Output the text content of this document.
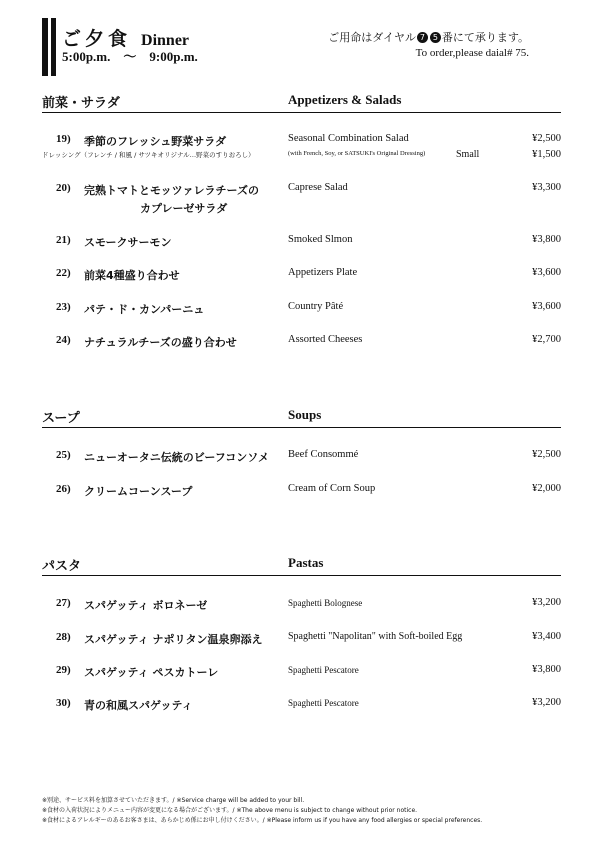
ご夕食 Dinner
5:00p.m.　～　9:00p.m.
ご用命はダイヤル 7 5 番にて承ります。
To order,please daial# 75.
前菜・サラダ	Appetizers & Salads
19) 季節のフレッシュ野菜サラダ	Seasonal Combination Salad	¥2,500
ドレッシング（フレンチ / 和風 / サツキオリジナル…野菜のすりおろし）	(with French, Soy, or SATSUKI's Original Dressing)	Small	¥1,500
20) 完熟トマトとモッツァレラチーズの
カプレーゼサラダ
Caprese Salad	¥3,300
21) スモークサーモン	Smoked Slmon	¥3,800
22) 前菜4種盛り合わせ	Appetizers Plate	¥3,600
23) パテ・ド・カンパーニュ	Country Pâté	¥3,600
24) ナチュラルチーズの盛り合わせ	Assorted Cheeses	¥2,700
スープ	Soups
25) ニューオータニ伝統のビーフコンソメ Beef Consommé	¥2,500
26) クリームコーンスープ	Cream of Corn Soup	¥2,000
パスタ	Pastas
27) スパゲッティ ボロネーゼ	Spaghetti Bolognese	¥3,200
28) スパゲッティ ナポリタン温泉卵添え	Spaghetti "Napolitan" with Soft-boiled Egg	¥3,400
29) スパゲッティ ペスカトーレ	Spaghetti Pescatore	¥3,800
30) 青の和風スパゲッティ	Spaghetti Pescatore	¥3,200
※別途、サービス料を加算させていただきます。/ ※Service charge will be added to your bill.
※食材の入荷状況によりメニュー内容が変更になる場合がございます。/ ※The above menu is subject to change without prior notice.
※食材によるアレルギーのあるお客さまは、あらかじめ係にお申し付けください。/ ※Please inform us if you have any food allergies or special preferences.
